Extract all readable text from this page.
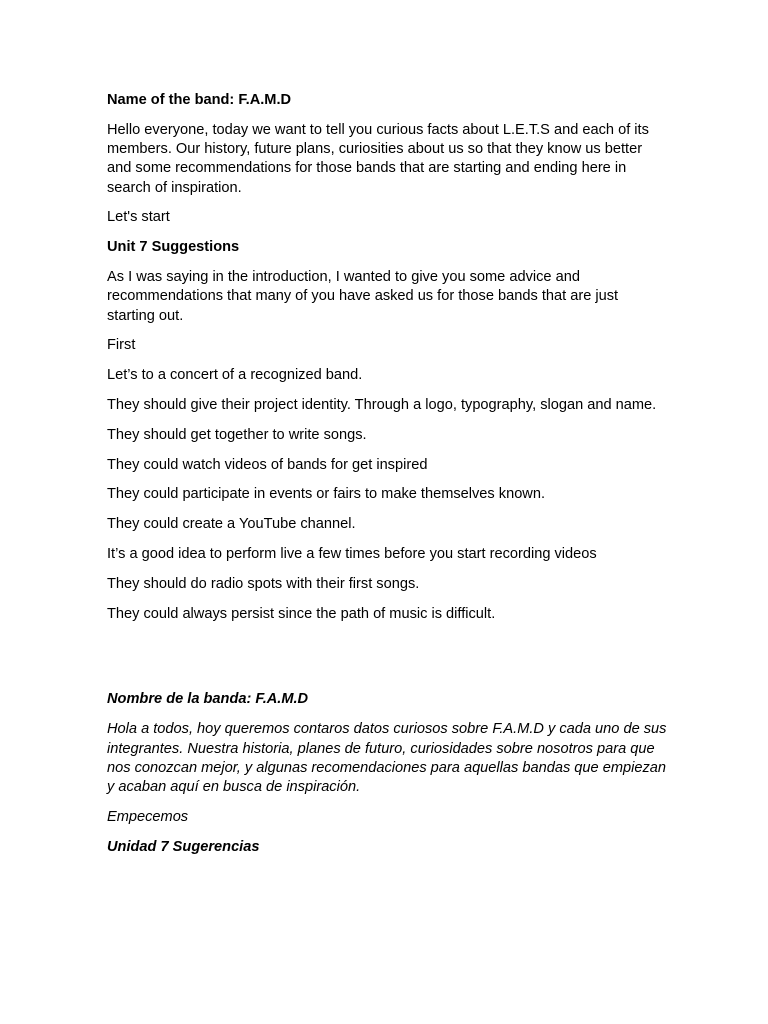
Name of the band: F.A.M.D

Hello everyone, today we want to tell you curious facts about L.E.T.S and each of its members. Our history, future plans, curiosities about us so that they know us better and some recommendations for those bands that are starting and ending here in search of inspiration.

Let's start

Unit 7 Suggestions

As I was saying in the introduction, I wanted to give you some advice and recommendations that many of you have asked us for those bands that are just starting out.

First

Let’s to a concert of a recognized band.

They should give their project identity. Through a logo, typography, slogan and name.

They should get together to write songs.

They could watch videos of bands for get inspired

They could participate in events or fairs to make themselves known.

They could create a YouTube channel.

It’s a good idea to perform live a few times before you start recording videos

They should do radio spots with their first songs.

They could always persist since the path of music is difficult.

Nombre de la banda: F.A.M.D

Hola a todos, hoy queremos contaros datos curiosos sobre F.A.M.D y cada uno de sus integrantes. Nuestra historia, planes de futuro, curiosidades sobre nosotros para que nos conozcan mejor, y algunas recomendaciones para aquellas bandas que empiezan y acaban aquí en busca de inspiración.

Empecemos

Unidad 7 Sugerencias
